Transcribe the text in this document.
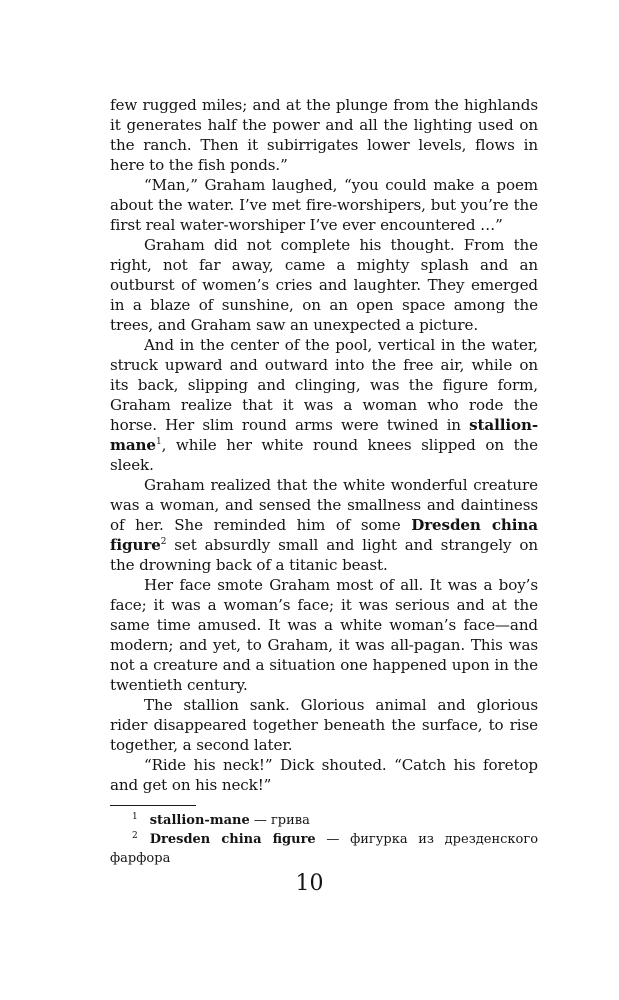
few rugged miles; and at the plunge from the highlands it generates half the power and all the lighting used on the ranch. Then it subirrigates lower levels, flows in here to the fish ponds.”

“Man,” Graham laughed, “you could make a poem about the water. I’ve met fire-worshipers, but you’re the first real water-worshiper I’ve ever encountered …”

Graham did not complete his thought. From the right, not far away, came a mighty splash and an outburst of women’s cries and laughter. They emerged in a blaze of sunshine, on an open space among the trees, and Graham saw an unexpected a picture.

And in the center of the pool, vertical in the water, struck upward and outward into the free air, while on its back, slipping and clinging, was the figure form, Graham realize that it was a woman who rode the horse. Her slim round arms were twined in stallion-mane$^1$, while her white round knees slipped on the sleek.

Graham realized that the white wonderful creature was a woman, and sensed the smallness and daintiness of her. She reminded him of some Dresden china figure$^2$ set absurdly small and light and strangely on the drowning back of a titanic beast.

Her face smote Graham most of all. It was a boy’s face; it was a woman’s face; it was serious and at the same time amused. It was a white woman’s face—and modern; and yet, to Graham, it was all-pagan. This was not a creature and a situation one happened upon in the twentieth century.

The stallion sank. Glorious animal and glorious rider disappeared together beneath the surface, to rise together, a second later.

“Ride his neck!” Dick shouted. “Catch his foretop and get on his neck!”

$^1$ stallion-mane — грива

$^2$ Dresden china figure — фигурка из дрезденского фарфора

10
